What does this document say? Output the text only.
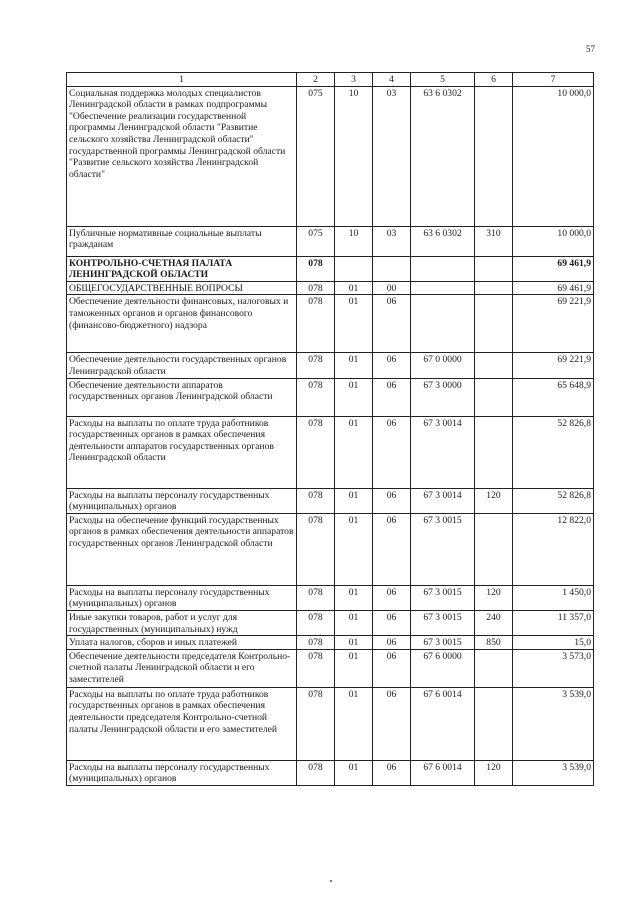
57
1	2	3	4	5	6	7
Социальная поддержка молодых специалистов Ленинградской области в рамках подпрограммы "Обеспечение реализации государственной программы Ленинградской области "Развитие сельского хозяйства Ленинградской области" государственной программы Ленинградской области "Развитие сельского хозяйства Ленинградской области"	075	10	03	63 6 0302		10 000,0
Публичные нормативные социальные выплаты гражданам	075	10	03	63 6 0302	310	10 000,0
КОНТРОЛЬНО-СЧЕТНАЯ ПАЛАТА ЛЕНИНГРАДСКОЙ ОБЛАСТИ	078					69 461,9
ОБЩЕГОСУДАРСТВЕННЫЕ ВОПРОСЫ	078	01	00			69 461,9
Обеспечение деятельности финансовых, налоговых и таможенных органов и органов финансового (финансово-бюджетного) надзора	078	01	06			69 221,9
Обеспечение деятельности государственных органов Ленинградской области	078	01	06	67 0 0000		69 221,9
Обеспечение деятельности аппаратов государственных органов Ленинградской области	078	01	06	67 3 0000		65 648,9
Расходы на выплаты по оплате труда работников государственных органов в рамках обеспечения деятельности аппаратов государственных органов Ленинградской области	078	01	06	67 3 0014		52 826,8
Расходы на выплаты персоналу государственных (муниципальных) органов	078	01	06	67 3 0014	120	52 826,8
Расходы на обеспечение функций государственных органов в рамках обеспечения деятельности аппаратов государственных органов Ленинградской области	078	01	06	67 3 0015		12 822,0
Расходы на выплаты персоналу государственных (муниципальных) органов	078	01	06	67 3 0015	120	1 450,0
Иные закупки товаров, работ и услуг для государственных (муниципальных) нужд	078	01	06	67 3 0015	240	11 357,0
Уплата налогов, сборов и иных платежей	078	01	06	67 3 0015	850	15,0
Обеспечение деятельности председателя Контрольно-счетной палаты Ленинградской области и его заместителей	078	01	06	67 6 0000		3 573,0
Расходы на выплаты по оплате труда работников государственных органов в рамках обеспечения деятельности председателя Контрольно-счетной палаты Ленинградской области и его заместителей	078	01	06	67 6 0014		3 539,0
Расходы на выплаты персоналу государственных (муниципальных) органов	078	01	06	67 6 0014	120	3 539,0
